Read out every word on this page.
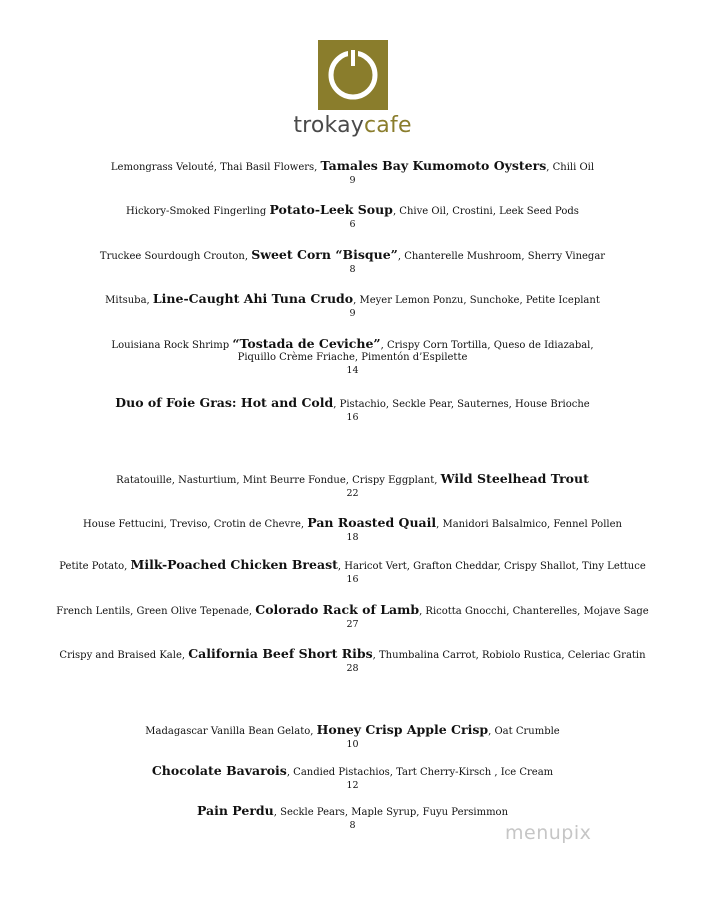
trokaycafe
Lemongrass Velouté, Thai Basil Flowers, Tamales Bay Kumomoto Oysters, Chili Oil
9
Hickory-Smoked Fingerling Potato-Leek Soup, Chive Oil, Crostini, Leek Seed Pods
6
Truckee Sourdough Crouton, Sweet Corn “Bisque”, Chanterelle Mushroom, Sherry Vinegar
8
Mitsuba, Line-Caught Ahi Tuna Crudo, Meyer Lemon Ponzu, Sunchoke, Petite Iceplant
9
Louisiana Rock Shrimp “Tostada de Ceviche”, Crispy Corn Tortilla, Queso de Idiazabal,
Piquillo Crème Friache, Pimentón d’Espilette
14
Duo of Foie Gras: Hot and Cold, Pistachio, Seckle Pear, Sauternes, House Brioche
16
Ratatouille, Nasturtium, Mint Beurre Fondue, Crispy Eggplant, Wild Steelhead Trout
22
House Fettucini, Treviso, Crotin de Chevre, Pan Roasted Quail, Manidori Balsalmico, Fennel Pollen
18
Petite Potato, Milk-Poached Chicken Breast, Haricot Vert, Grafton Cheddar, Crispy Shallot, Tiny Lettuce
16
French Lentils, Green Olive Tepenade, Colorado Rack of Lamb, Ricotta Gnocchi, Chanterelles, Mojave Sage
27
Crispy and Braised Kale, California Beef Short Ribs, Thumbalina Carrot, Robiolo Rustica, Celeriac Gratin
28
Madagascar Vanilla Bean Gelato, Honey Crisp Apple Crisp, Oat Crumble
10
Chocolate Bavarois, Candied Pistachios, Tart Cherry-Kirsch , Ice Cream
12
Pain Perdu, Seckle Pears, Maple Syrup, Fuyu Persimmon
8	menupix
